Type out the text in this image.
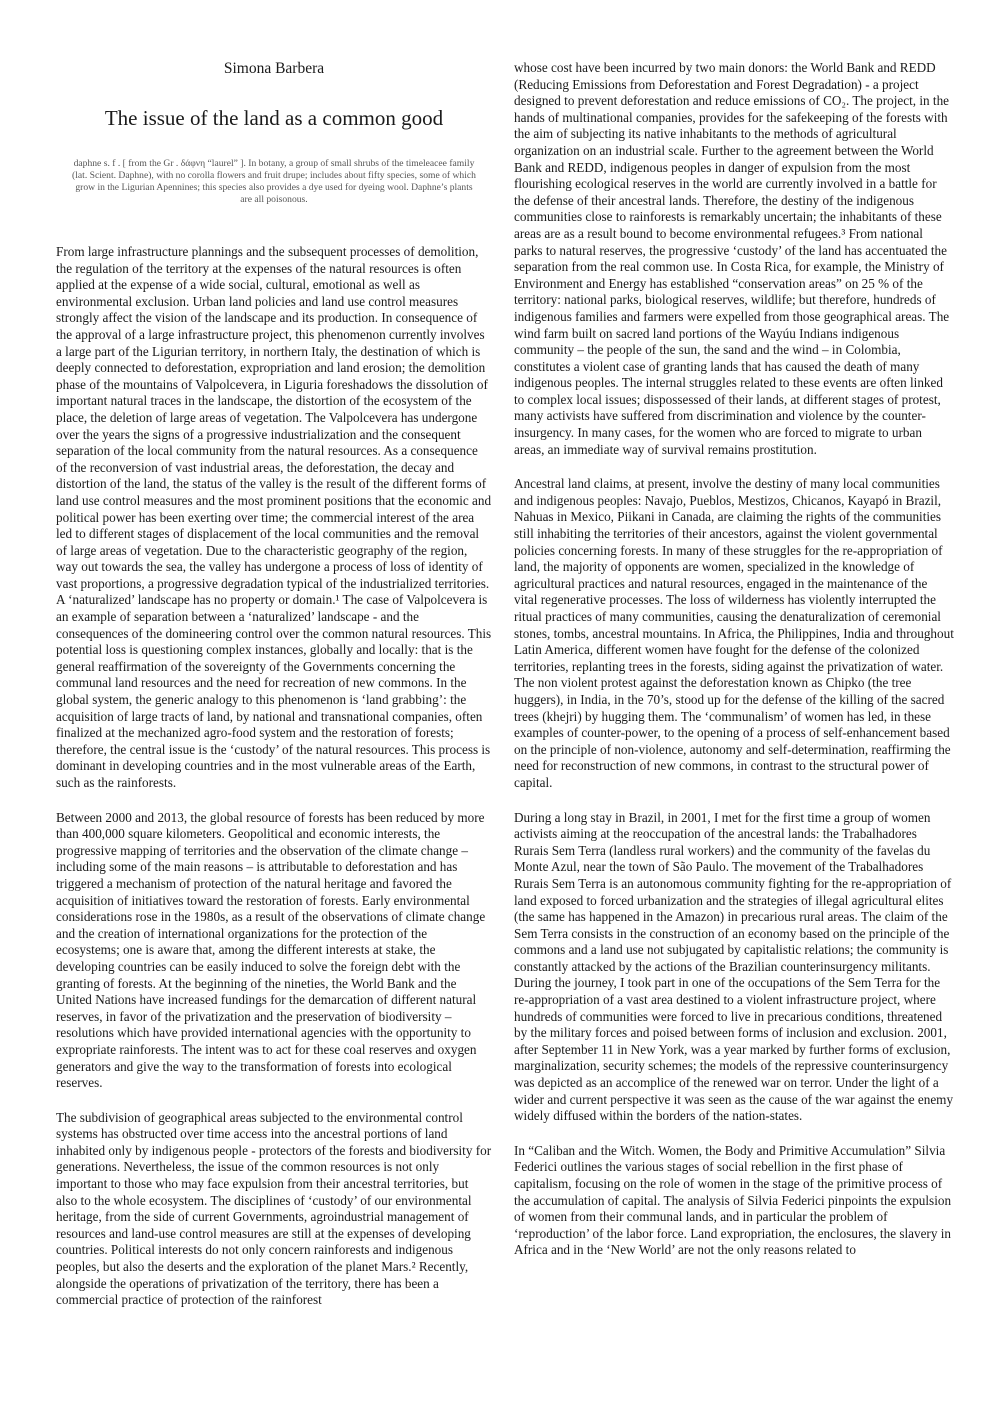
Simona Barbera
The issue of the land as a common good
daphne s. f . [ from the Gr . δάφνη “laurel” ]. In botany, a group of small shrubs of the timeleacee family (lat. Scient. Daphne), with no corolla flowers and fruit drupe; includes about fifty species, some of which grow in the Ligurian Apennines; this species also provides a dye used for dyeing wool. Daphne’s plants are all poisonous.

From large infrastructure plannings and the subsequent processes of demolition, the regulation of the territory at the expenses of the natural resources is often applied at the expense of a wide social, cultural, emotional as well as environmental exclusion. Urban land policies and land use control measures strongly affect the vision of the landscape and its production. In consequence of the approval of a large infrastructure project, this phenomenon currently involves a large part of the Ligurian territory, in northern Italy, the destination of which is deeply connected to deforestation, expropriation and land erosion; the demolition phase of the mountains of Valpolcevera, in Liguria foreshadows the dissolution of important natural traces in the landscape, the distortion of the ecosystem of the place, the deletion of large areas of vegetation. The Valpolcevera has undergone over the years the signs of a progressive industrialization and the consequent separation of the local community from the natural resources. As a consequence of the reconversion of vast industrial areas, the deforestation, the decay and distortion of the land, the status of the valley is the result of the different forms of land use control measures and the most prominent positions that the economic and political power has been exerting over time; the commercial interest of the area led to different stages of displacement of the local communities and the removal of large areas of vegetation. Due to the characteristic geography of the region, way out towards the sea, the valley has undergone a process of loss of identity of vast proportions, a progressive degradation typical of the industrialized territories. A ‘naturalized’ landscape has no property or domain.¹ The case of Valpolcevera is an example of separation between a ‘naturalized’ landscape - and the consequences of the domineering control over the common natural resources. This potential loss is questioning complex instances, globally and locally: that is the general reaffirmation of the sovereignty of the Governments concerning the communal land resources and the need for recreation of new commons. In the global system, the generic analogy to this phenomenon is ‘land grabbing’: the acquisition of large tracts of land, by national and transnational companies, often finalized at the mechanized agro-food system and the restoration of forests; therefore, the central issue is the ‘custody’ of the natural resources. This process is dominant in developing countries and in the most vulnerable areas of the Earth, such as the rainforests.

Between 2000 and 2013, the global resource of forests has been reduced by more than 400,000 square kilometers. Geopolitical and economic interests, the progressive mapping of territories and the observation of the climate change – including some of the main reasons – is attributable to deforestation and has triggered a mechanism of protection of the natural heritage and favored the acquisition of initiatives toward the restoration of forests. Early environmental considerations rose in the 1980s, as a result of the observations of climate change and the creation of international organizations for the protection of the ecosystems; one is aware that, among the different interests at stake, the developing countries can be easily induced to solve the foreign debt with the granting of forests. At the beginning of the nineties, the World Bank and the United Nations have increased fundings for the demarcation of different natural reserves, in favor of the privatization and the preservation of biodiversity – resolutions which have provided international agencies with the opportunity to expropriate rainforests. The intent was to act for these coal reserves and oxygen generators and give the way to the transformation of forests into ecological reserves.

The subdivision of geographical areas subjected to the environmental control systems has obstructed over time access into the ancestral portions of land inhabited only by indigenous people - protectors of the forests and biodiversity for generations. Nevertheless, the issue of the common resources is not only important to those who may face expulsion from their ancestral territories, but also to the whole ecosystem. The disciplines of ‘custody’ of our environmental heritage, from the side of current Governments, agroindustrial management of resources and land-use control measures are still at the expenses of developing countries. Political interests do not only concern rainforests and indigenous peoples, but also the deserts and the exploration of the planet Mars.² Recently, alongside the operations of privatization of the territory, there has been a commercial practice of protection of the rainforest

whose cost have been incurred by two main donors: the World Bank and REDD (Reducing Emissions from Deforestation and Forest Degradation) - a project designed to prevent deforestation and reduce emissions of CO₂. The project, in the hands of multinational companies, provides for the safekeeping of the forests with the aim of subjecting its native inhabitants to the methods of agricultural organization on an industrial scale. Further to the agreement between the World Bank and REDD, indigenous peoples in danger of expulsion from the most flourishing ecological reserves in the world are currently involved in a battle for the defense of their ancestral lands. Therefore, the destiny of the indigenous communities close to rainforests is remarkably uncertain; the inhabitants of these areas are as a result bound to become environmental refugees.³ From national parks to natural reserves, the progressive ‘custody’ of the land has accentuated the separation from the real common use. In Costa Rica, for example, the Ministry of Environment and Energy has established “conservation areas” on 25 % of the territory: national parks, biological reserves, wildlife; but therefore, hundreds of indigenous families and farmers were expelled from those geographical areas. The wind farm built on sacred land portions of the Wayúu Indians indigenous community – the people of the sun, the sand and the wind – in Colombia, constitutes a violent case of granting lands that has caused the death of many indigenous peoples. The internal struggles related to these events are often linked to complex local issues; dispossessed of their lands, at different stages of protest, many activists have suffered from discrimination and violence by the counter-insurgency. In many cases, for the women who are forced to migrate to urban areas, an immediate way of survival remains prostitution.

Ancestral land claims, at present, involve the destiny of many local communities and indigenous peoples: Navajo, Pueblos, Mestizos, Chicanos, Kayapó in Brazil, Nahuas in Mexico, Piikani in Canada, are claiming the rights of the communities still inhabiting the territories of their ancestors, against the violent governmental policies concerning forests. In many of these struggles for the re-appropriation of land, the majority of opponents are women, specialized in the knowledge of agricultural practices and natural resources, engaged in the maintenance of the vital regenerative processes. The loss of wilderness has violently interrupted the ritual practices of many communities, causing the denaturalization of ceremonial stones, tombs, ancestral mountains. In Africa, the Philippines, India and throughout Latin America, different women have fought for the defense of the colonized territories, replanting trees in the forests, siding against the privatization of water. The non violent protest against the deforestation known as Chipko (the tree huggers), in India, in the 70’s, stood up for the defense of the killing of the sacred trees (khejri) by hugging them. The ‘communalism’ of women has led, in these examples of counter-power, to the opening of a process of self-enhancement based on the principle of non-violence, autonomy and self-determination, reaffirming the need for reconstruction of new commons, in contrast to the structural power of capital.

During a long stay in Brazil, in 2001, I met for the first time a group of women activists aiming at the reoccupation of the ancestral lands: the Trabalhadores Rurais Sem Terra (landless rural workers) and the community of the favelas du Monte Azul, near the town of São Paulo. The movement of the Trabalhadores Rurais Sem Terra is an autonomous community fighting for the re-appropriation of land exposed to forced urbanization and the strategies of illegal agricultural elites (the same has happened in the Amazon) in precarious rural areas. The claim of the Sem Terra consists in the construction of an economy based on the principle of the commons and a land use not subjugated by capitalistic relations; the community is constantly attacked by the actions of the Brazilian counterinsurgency militants. During the journey, I took part in one of the occupations of the Sem Terra for the re-appropriation of a vast area destined to a violent infrastructure project, where hundreds of communities were forced to live in precarious conditions, threatened by the military forces and poised between forms of inclusion and exclusion. 2001, after September 11 in New York, was a year marked by further forms of exclusion, marginalization, security schemes; the models of the repressive counterinsurgency was depicted as an accomplice of the renewed war on terror. Under the light of a wider and current perspective it was seen as the cause of the war against the enemy widely diffused within the borders of the nation-states.

In “Caliban and the Witch. Women, the Body and Primitive Accumulation” Silvia Federici outlines the various stages of social rebellion in the first phase of capitalism, focusing on the role of women in the stage of the primitive process of the accumulation of capital. The analysis of Silvia Federici pinpoints the expulsion of women from their communal lands, and in particular the problem of ‘reproduction’ of the labor force. Land expropriation, the enclosures, the slavery in Africa and in the ‘New World’ are not the only reasons related to
